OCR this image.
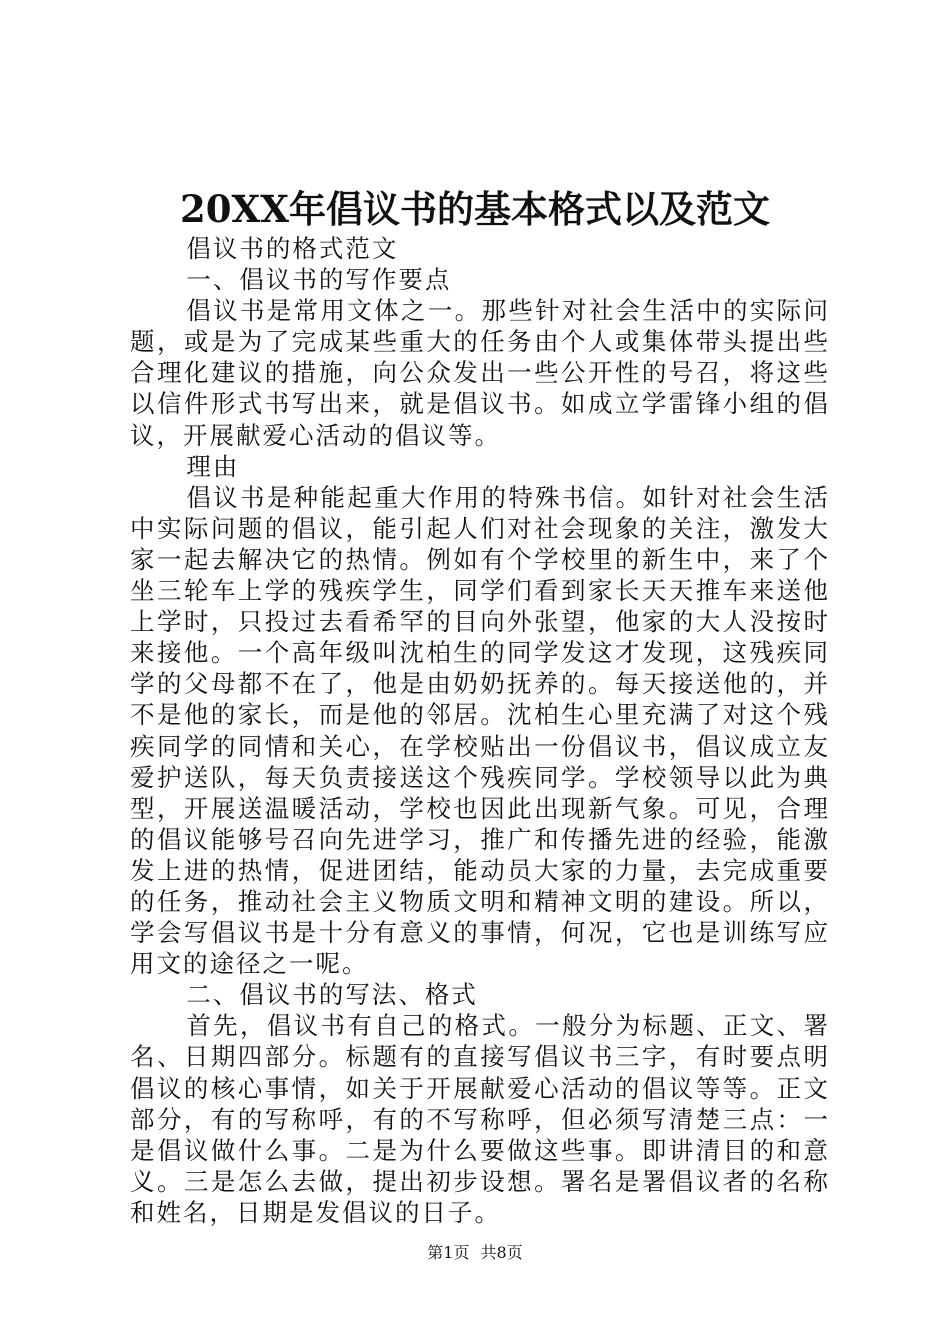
20XX年倡议书的基本格式以及范文

倡议书的格式范文

一、倡议书的写作要点

倡议书是常用文体之一。那些针对社会生活中的实际问题，或是为了完成某些重大的任务由个人或集体带头提出些合理化建议的措施，向公众发出一些公开性的号召，将这些以信件形式书写出来，就是倡议书。如成立学雷锋小组的倡议，开展献爱心活动的倡议等。

理由

倡议书是种能起重大作用的特殊书信。如针对社会生活中实际问题的倡议，能引起人们对社会现象的关注，激发大家一起去解决它的热情。例如有个学校里的新生中，来了个坐三轮车上学的残疾学生，同学们看到家长天天推车来送他上学时，只投过去看希罕的目向外张望，他家的大人没按时来接他。一个高年级叫沈柏生的同学发这才发现，这残疾同学的父母都不在了，他是由奶奶抚养的。每天接送他的，并不是他的家长，而是他的邻居。沈柏生心里充满了对这个残疾同学的同情和关心，在学校贴出一份倡议书，倡议成立友爱护送队，每天负责接送这个残疾同学。学校领导以此为典型，开展送温暖活动，学校也因此出现新气象。可见，合理的倡议能够号召向先进学习，推广和传播先进的经验，能激发上进的热情，促进团结，能动员大家的力量，去完成重要的任务，推动社会主义物质文明和精神文明的建设。所以，学会写倡议书是十分有意义的事情，何况，它也是训练写应用文的途径之一呢。

二、倡议书的写法、格式

首先，倡议书有自己的格式。一般分为标题、正文、署名、日期四部分。标题有的直接写倡议书三字，有时要点明倡议的核心事情，如关于开展献爱心活动的倡议等等。正文部分，有的写称呼，有的不写称呼，但必须写清楚三点：一是倡议做什么事。二是为什么要做这些事。即讲清目的和意义。三是怎么去做，提出初步设想。署名是署倡议者的名称和姓名，日期是发倡议的日子。

第1页 共8页
